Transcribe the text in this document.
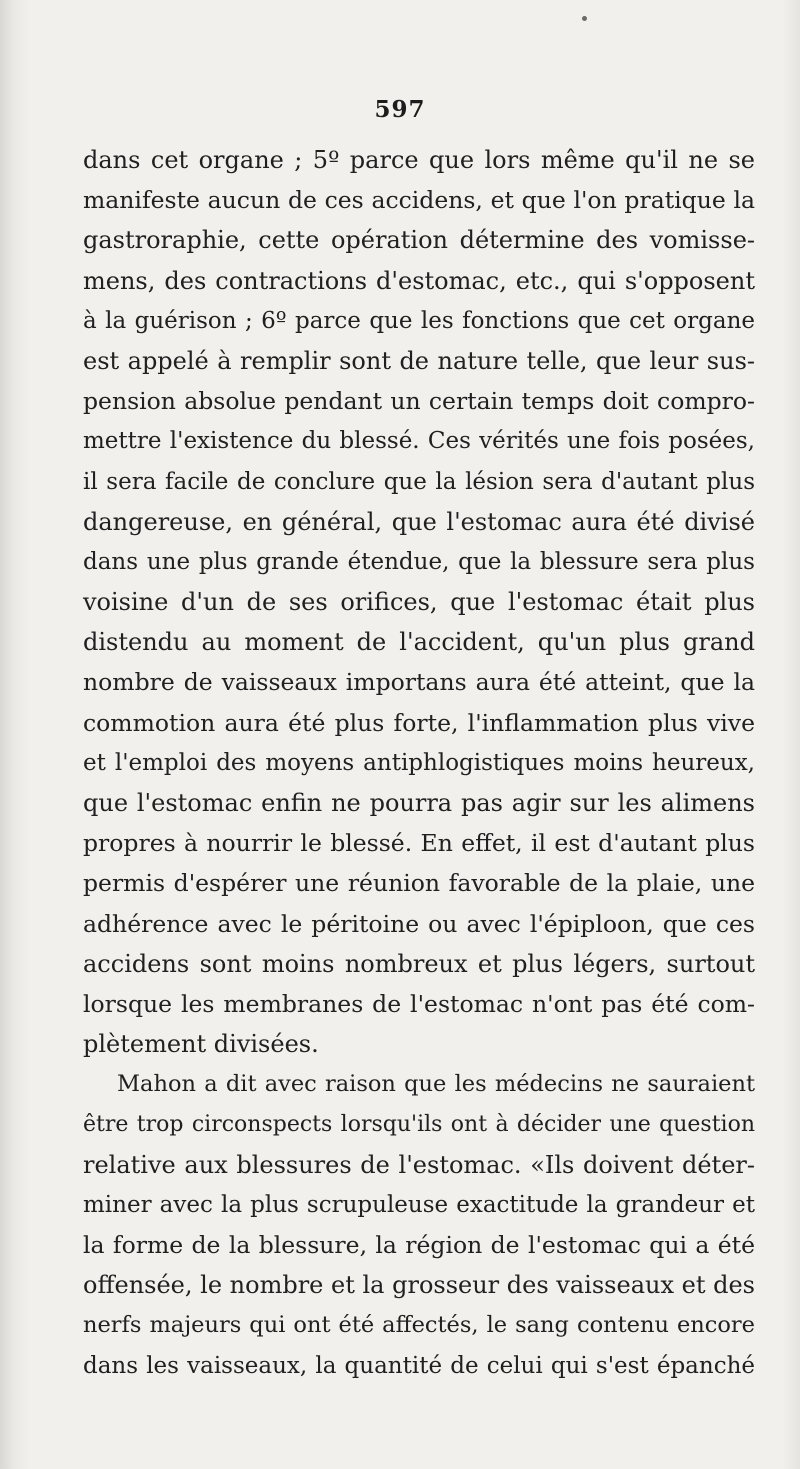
597
dans cet organe ; 5º parce que lors même qu'il ne se
manifeste aucun de ces accidens, et que l'on pratique la
gastroraphie, cette opération détermine des vomisse-
mens, des contractions d'estomac, etc., qui s'opposent
à la guérison ; 6º parce que les fonctions que cet organe
est appelé à remplir sont de nature telle, que leur sus-
pension absolue pendant un certain temps doit compro-
mettre l'existence du blessé. Ces vérités une fois posées,
il sera facile de conclure que la lésion sera d'autant plus
dangereuse, en général, que l'estomac aura été divisé
dans une plus grande étendue, que la blessure sera plus
voisine d'un de ses orifices, que l'estomac était plus
distendu au moment de l'accident, qu'un plus grand
nombre de vaisseaux importans aura été atteint, que la
commotion aura été plus forte, l'inflammation plus vive
et l'emploi des moyens antiphlogistiques moins heureux,
que l'estomac enfin ne pourra pas agir sur les alimens
propres à nourrir le blessé. En effet, il est d'autant plus
permis d'espérer une réunion favorable de la plaie, une
adhérence avec le péritoine ou avec l'épiploon, que ces
accidens sont moins nombreux et plus légers, surtout
lorsque les membranes de l'estomac n'ont pas été com-
plètement divisées.
Mahon a dit avec raison que les médecins ne sauraient
être trop circonspects lorsqu'ils ont à décider une question
relative aux blessures de l'estomac. «Ils doivent déter-
miner avec la plus scrupuleuse exactitude la grandeur et
la forme de la blessure, la région de l'estomac qui a été
offensée, le nombre et la grosseur des vaisseaux et des
nerfs majeurs qui ont été affectés, le sang contenu encore
dans les vaisseaux, la quantité de celui qui s'est épanché
